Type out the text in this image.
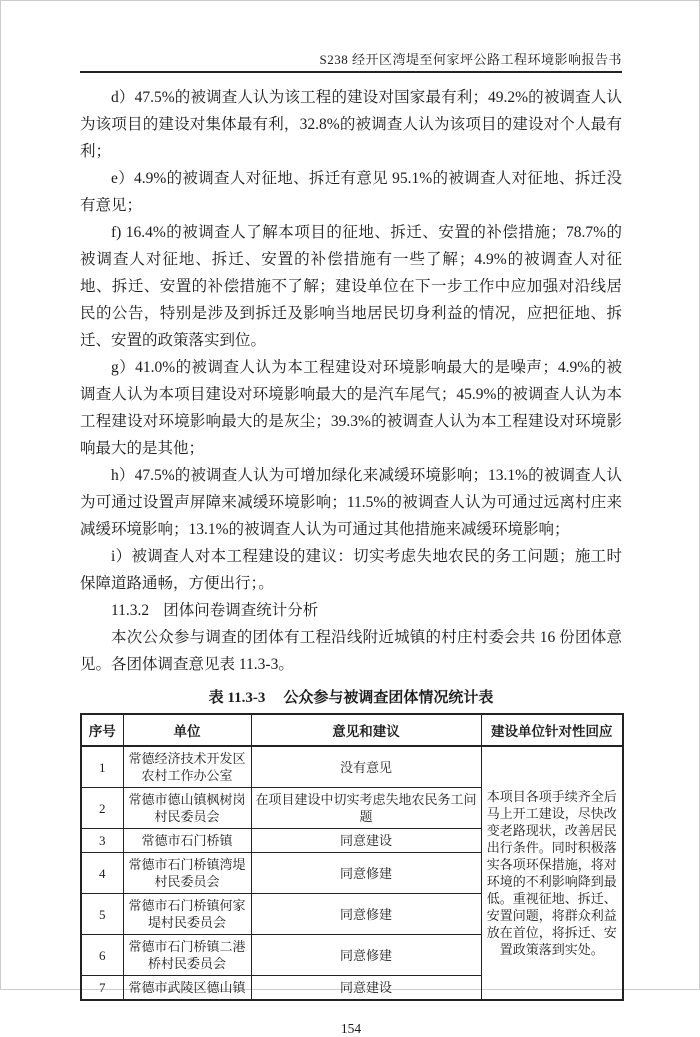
S238 经开区湾堤至何家坪公路工程环境影响报告书

d）47.5%的被调查人认为该工程的建设对国家最有利；49.2%的被调查人认为该项目的建设对集体最有利，32.8%的被调查人认为该项目的建设对个人最有利；

e）4.9%的被调查人对征地、拆迁有意见 95.1%的被调查人对征地、拆迁没有意见；

f) 16.4%的被调查人了解本项目的征地、拆迁、安置的补偿措施；78.7%的被调查人对征地、拆迁、安置的补偿措施有一些了解；4.9%的被调查人对征地、拆迁、安置的补偿措施不了解；建设单位在下一步工作中应加强对沿线居民的公告，特别是涉及到拆迁及影响当地居民切身利益的情况，应把征地、拆迁、安置的政策落实到位。

g）41.0%的被调查人认为本工程建设对环境影响最大的是噪声；4.9%的被调查人认为本项目建设对环境影响最大的是汽车尾气；45.9%的被调查人认为本工程建设对环境影响最大的是灰尘；39.3%的被调查人认为本工程建设对环境影响最大的是其他；

h）47.5%的被调查人认为可增加绿化来减缓环境影响；13.1%的被调查人认为可通过设置声屏障来减缓环境影响；11.5%的被调查人认为可通过远离村庄来减缓环境影响；13.1%的被调查人认为可通过其他措施来减缓环境影响；

i）被调查人对本工程建设的建议：切实考虑失地农民的务工问题；施工时保障道路通畅，方便出行；。

11.3.2 团体问卷调查统计分析

本次公众参与调查的团体有工程沿线附近城镇的村庄村委会共 16 份团体意见。各团体调查意见表 11.3-3。

表 11.3-3 公众参与被调查团体情况统计表
序号	单位	意见和建议	建设单位针对性回应
1	常德经济技术开发区农村工作办公室	没有意见	本项目各项手续齐全后马上开工建设，尽快改变老路现状，改善居民出行条件。同时积极落实各项环保措施，将对环境的不利影响降到最低。重视征地、拆迁、安置问题，将群众利益放在首位，将拆迁、安置政策落到实处。
2	常德市德山镇枫树岗村民委员会	在项目建设中切实考虑失地农民务工问题	
3	常德市石门桥镇	同意建设	
4	常德市石门桥镇湾堤村民委员会	同意修建	
5	常德市石门桥镇何家堤村民委员会	同意修建	
6	常德市石门桥镇二港桥村民委员会	同意修建	
7	常德市武陵区德山镇	同意建设	
154
